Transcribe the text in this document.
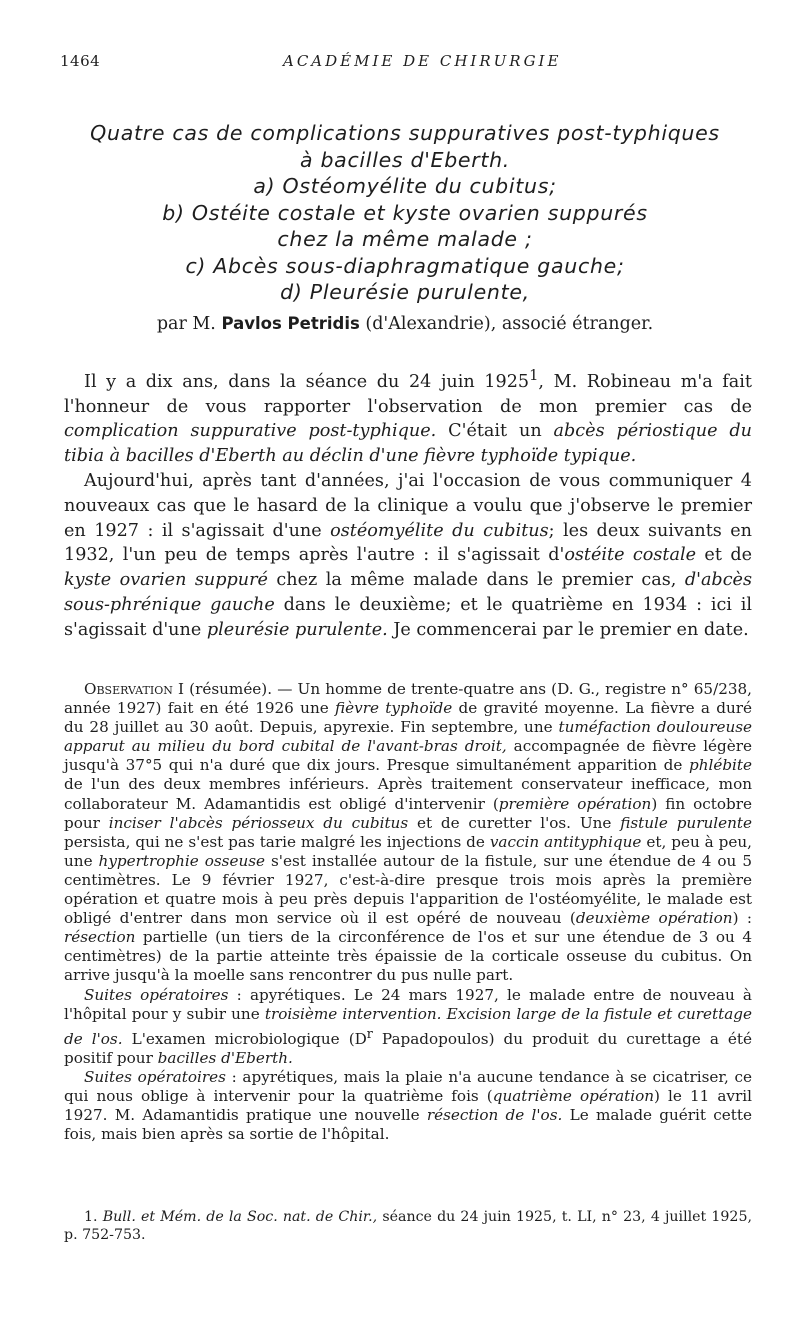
1464	ACADÉMIE DE CHIRURGIE
Quatre cas de complications suppuratives post-typhiques
à bacilles d'Eberth.
a) Ostéomyélite du cubitus;
b) Ostéite costale et kyste ovarien suppurés
chez la même malade ;
c) Abcès sous-diaphragmatique gauche;
d) Pleurésie purulente,
par M. Pavlos Petridis (d'Alexandrie), associé étranger.

Il y a dix ans, dans la séance du 24 juin 1925$^1$, M. Robineau m'a fait l'honneur de vous rapporter l'observation de mon premier cas de complication suppurative post-typhique. C'était un abcès périostique du tibia à bacilles d'Eberth au déclin d'une fièvre typhoïde typique.

Aujourd'hui, après tant d'années, j'ai l'occasion de vous communiquer 4 nouveaux cas que le hasard de la clinique a voulu que j'observe le premier en 1927 : il s'agissait d'une ostéomyélite du cubitus; les deux suivants en 1932, l'un peu de temps après l'autre : il s'agissait d'ostéite costale et de kyste ovarien suppuré chez la même malade dans le premier cas, d'abcès sous-phrénique gauche dans le deuxième; et le quatrième en 1934 : ici il s'agissait d'une pleurésie purulente. Je commencerai par le premier en date.

Observation I (résumée). — Un homme de trente-quatre ans (D. G., registre n° 65/238, année 1927) fait en été 1926 une fièvre typhoïde de gravité moyenne. La fièvre a duré du 28 juillet au 30 août. Depuis, apyrexie. Fin septembre, une tuméfaction douloureuse apparut au milieu du bord cubital de l'avant-bras droit, accompagnée de fièvre légère jusqu'à 37°5 qui n'a duré que dix jours. Presque simultanément apparition de phlébite de l'un des deux membres inférieurs. Après traitement conservateur inefficace, mon collaborateur M. Adamantidis est obligé d'intervenir (première opération) fin octobre pour inciser l'abcès périosseux du cubitus et de curetter l'os. Une fistule purulente persista, qui ne s'est pas tarie malgré les injections de vaccin antityphique et, peu à peu, une hypertrophie osseuse s'est installée autour de la fistule, sur une étendue de 4 ou 5 centimètres. Le 9 février 1927, c'est-à-dire presque trois mois après la première opération et quatre mois à peu près depuis l'apparition de l'ostéomyélite, le malade est obligé d'entrer dans mon service où il est opéré de nouveau (deuxième opération) : résection partielle (un tiers de la circonférence de l'os et sur une étendue de 3 ou 4 centimètres) de la partie atteinte très épaissie de la corticale osseuse du cubitus. On arrive jusqu'à la moelle sans rencontrer du pus nulle part.

Suites opératoires : apyrétiques. Le 24 mars 1927, le malade entre de nouveau à l'hôpital pour y subir une troisième intervention. Excision large de la fistule et curettage de l'os. L'examen microbiologique ($D^r$ Papadopoulos) du produit du curettage a été positif pour bacilles d'Eberth.

Suites opératoires : apyrétiques, mais la plaie n'a aucune tendance à se cicatriser, ce qui nous oblige à intervenir pour la quatrième fois (quatrième opération) le 11 avril 1927. M. Adamantidis pratique une nouvelle résection de l'os. Le malade guérit cette fois, mais bien après sa sortie de l'hôpital.

1. Bull. et Mém. de la Soc. nat. de Chir., séance du 24 juin 1925, t. LI, n° 23, 4 juillet 1925, p. 752-753.
